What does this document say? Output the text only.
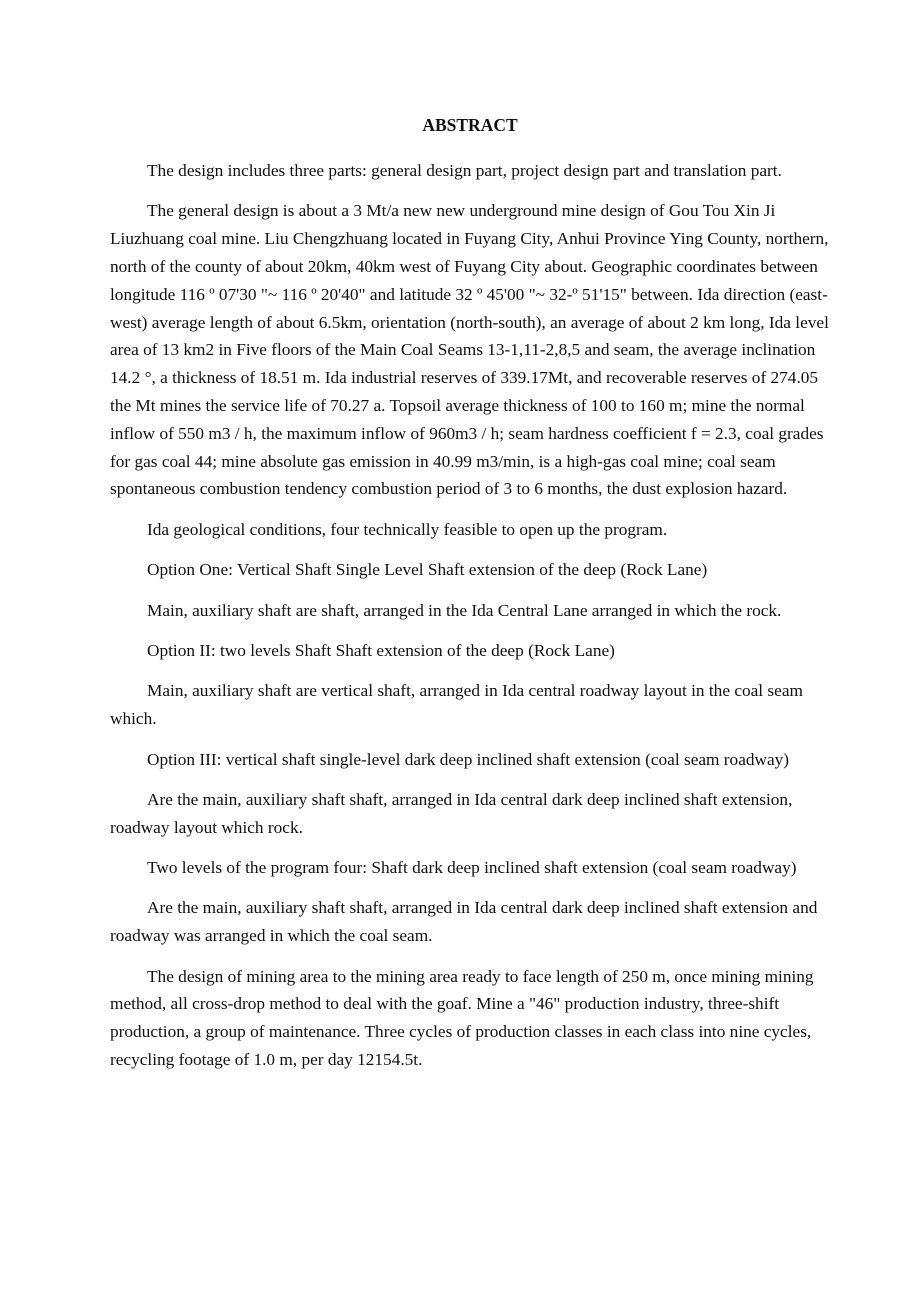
ABSTRACT

The design includes three parts: general design part, project design part and translation part.

The general design is about a 3 Mt/a new new underground mine design of Gou Tou Xin Ji Liuzhuang coal mine. Liu Chengzhuang located in Fuyang City, Anhui Province Ying County, northern, north of the county of about 20km, 40km west of Fuyang City about. Geographic coordinates between longitude 116 º 07'30 "~ 116 º 20'40" and latitude 32 º 45'00 "~ 32-º 51'15" between. Ida direction (east-west) average length of about 6.5km, orientation (north-south), an average of about 2 km long, Ida level area of 13 km2 in Five floors of the Main Coal Seams 13-1,11-2,8,5 and seam, the average inclination 14.2 °, a thickness of 18.51 m. Ida industrial reserves of 339.17Mt, and recoverable reserves of 274.05 the Mt mines the service life of 70.27 a. Topsoil average thickness of 100 to 160 m; mine the normal inflow of 550 m3 / h, the maximum inflow of 960m3 / h; seam hardness coefficient f = 2.3, coal grades for gas coal 44; mine absolute gas emission in 40.99 m3/min, is a high-gas coal mine; coal seam spontaneous combustion tendency combustion period of 3 to 6 months, the dust explosion hazard.

Ida geological conditions, four technically feasible to open up the program.

Option One: Vertical Shaft Single Level Shaft extension of the deep (Rock Lane)

Main, auxiliary shaft are shaft, arranged in the Ida Central Lane arranged in which the rock.

Option II: two levels Shaft Shaft extension of the deep (Rock Lane)

Main, auxiliary shaft are vertical shaft, arranged in Ida central roadway layout in the coal seam which.

Option III: vertical shaft single-level dark deep inclined shaft extension (coal seam roadway)

Are the main, auxiliary shaft shaft, arranged in Ida central dark deep inclined shaft extension, roadway layout which rock.

Two levels of the program four: Shaft dark deep inclined shaft extension (coal seam roadway)

Are the main, auxiliary shaft shaft, arranged in Ida central dark deep inclined shaft extension and roadway was arranged in which the coal seam.

The design of mining area to the mining area ready to face length of 250 m, once mining mining method, all cross-drop method to deal with the goaf. Mine a "46" production industry, three-shift production, a group of maintenance. Three cycles of production classes in each class into nine cycles, recycling footage of 1.0 m, per day 12154.5t.
